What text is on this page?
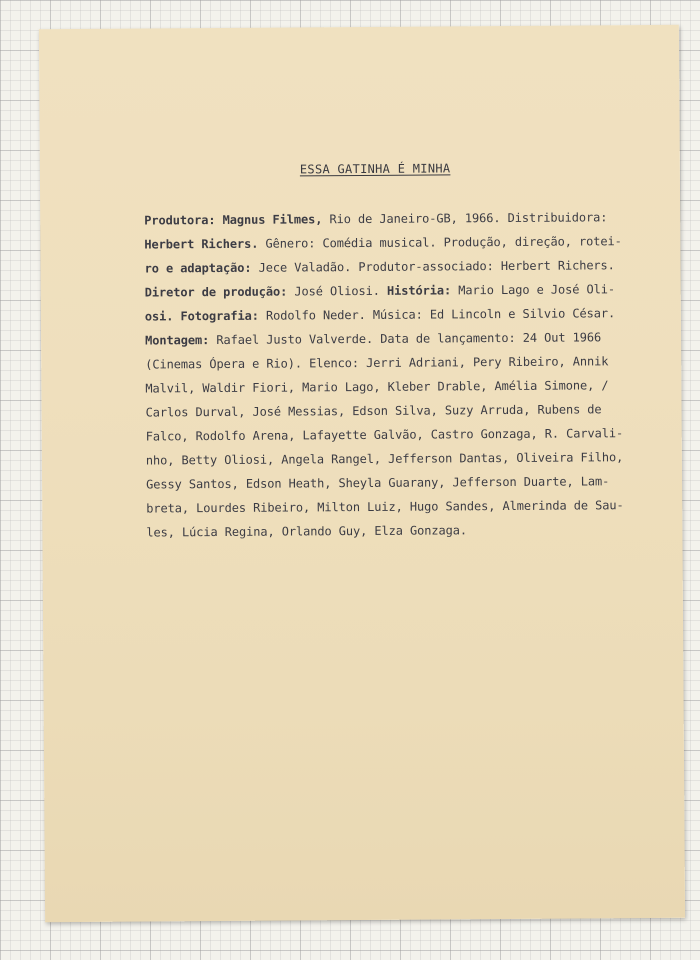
ESSA GATINHA É MINHA
Produtora: Magnus Filmes, Rio de Janeiro-GB, 1966. Distribuidora:
Herbert Richers. Gênero: Comédia musical. Produção, direção, rotei-
ro e adaptação: Jece Valadão. Produtor-associado: Herbert Richers.
Diretor de produção: José Oliosi. História: Mario Lago e José Oli-
osi. Fotografia: Rodolfo Neder. Música: Ed Lincoln e Silvio César.
Montagem: Rafael Justo Valverde. Data de lançamento: 24 Out 1966
(Cinemas Ópera e Rio). Elenco: Jerri Adriani, Pery Ribeiro, Annik
Malvil, Waldir Fiori, Mario Lago, Kleber Drable, Amélia Simone, /
Carlos Durval, José Messias, Edson Silva, Suzy Arruda, Rubens de
Falco, Rodolfo Arena, Lafayette Galvão, Castro Gonzaga, R. Carvali-
nho, Betty Oliosi, Angela Rangel, Jefferson Dantas, Oliveira Filho,
Gessy Santos, Edson Heath, Sheyla Guarany, Jefferson Duarte, Lam-
breta, Lourdes Ribeiro, Milton Luiz, Hugo Sandes, Almerinda de Sau-
les, Lúcia Regina, Orlando Guy, Elza Gonzaga.
